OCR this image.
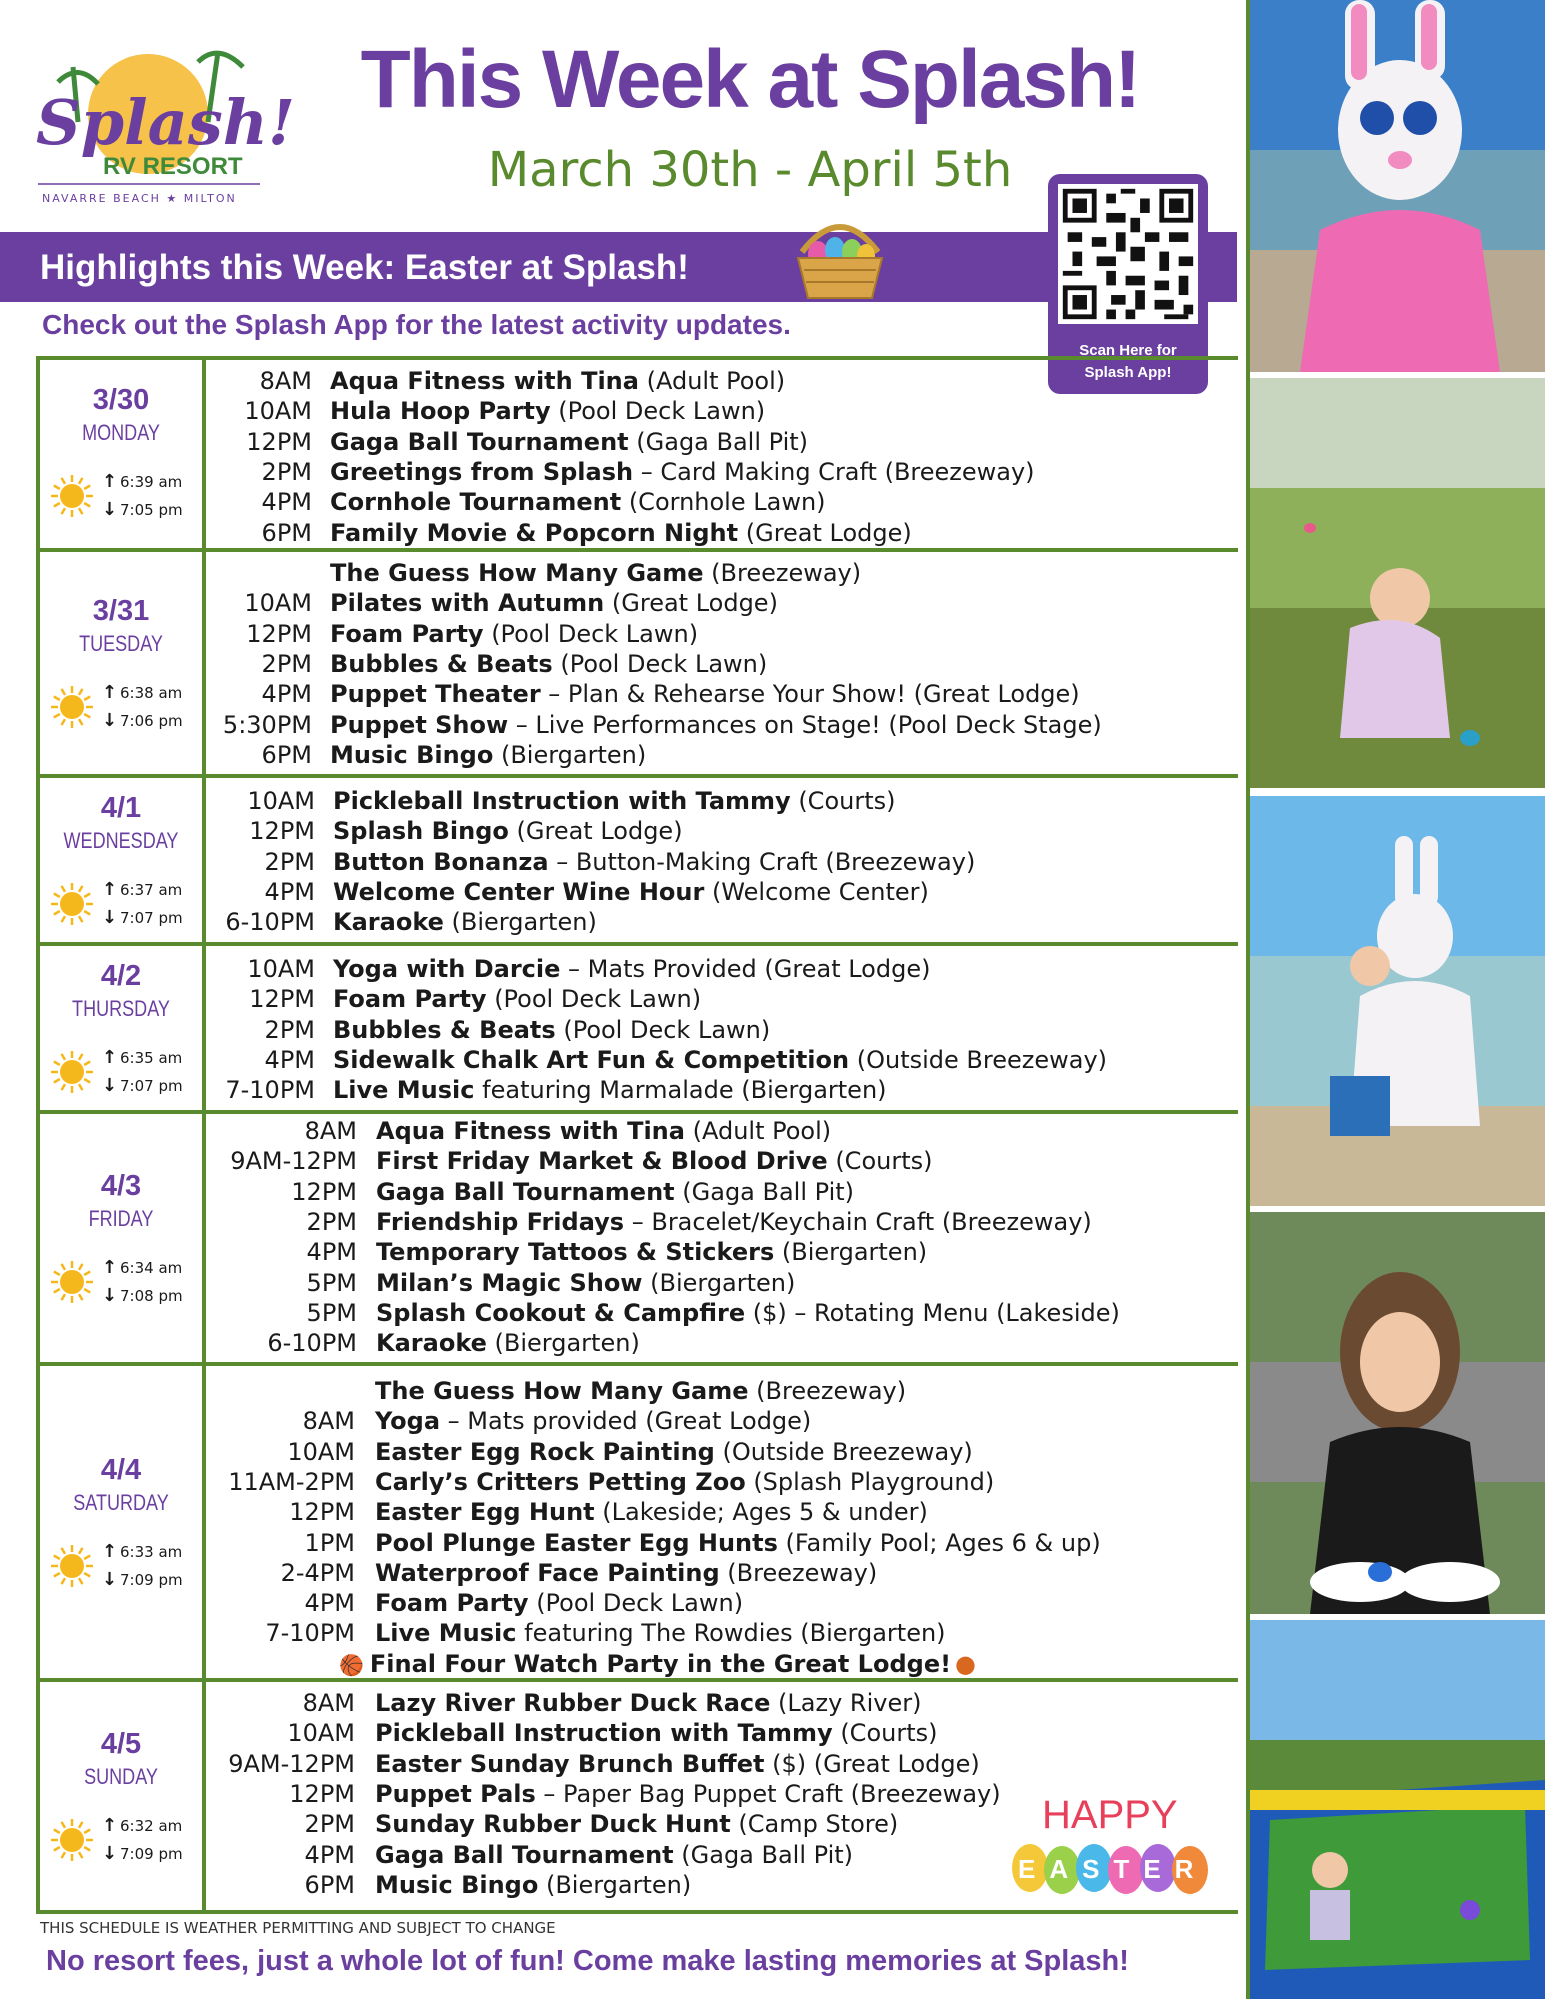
Splash!
RV RESORT
NAVARRE BEACH ★ MILTON
This Week at Splash!
March 30th - April 5th
Highlights this Week: Easter at Splash!
Check out the Splash App for the latest activity updates.
Scan Here for
Splash App!
3/30
MONDAY
↑ 6:39 am
↓ 7:05 pm
8AM Aqua Fitness with Tina (Adult Pool)
10AM Hula Hoop Party (Pool Deck Lawn)
12PM Gaga Ball Tournament (Gaga Ball Pit)
2PM Greetings from Splash – Card Making Craft (Breezeway)
4PM Cornhole Tournament (Cornhole Lawn)
6PM Family Movie & Popcorn Night (Great Lodge)
3/31
TUESDAY
↑ 6:38 am
↓ 7:06 pm
The Guess How Many Game (Breezeway)
10AM Pilates with Autumn (Great Lodge)
12PM Foam Party (Pool Deck Lawn)
2PM Bubbles & Beats (Pool Deck Lawn)
4PM Puppet Theater – Plan & Rehearse Your Show! (Great Lodge)
5:30PM Puppet Show – Live Performances on Stage! (Pool Deck Stage)
6PM Music Bingo (Biergarten)
4/1
WEDNESDAY
↑ 6:37 am
↓ 7:07 pm
10AM Pickleball Instruction with Tammy (Courts)
12PM Splash Bingo (Great Lodge)
2PM Button Bonanza – Button-Making Craft (Breezeway)
4PM Welcome Center Wine Hour (Welcome Center)
6-10PM Karaoke (Biergarten)
4/2
THURSDAY
↑ 6:35 am
↓ 7:07 pm
10AM Yoga with Darcie – Mats Provided (Great Lodge)
12PM Foam Party (Pool Deck Lawn)
2PM Bubbles & Beats (Pool Deck Lawn)
4PM Sidewalk Chalk Art Fun & Competition (Outside Breezeway)
7-10PM Live Music featuring Marmalade (Biergarten)
4/3
FRIDAY
↑ 6:34 am
↓ 7:08 pm
8AM Aqua Fitness with Tina (Adult Pool)
9AM-12PM First Friday Market & Blood Drive (Courts)
12PM Gaga Ball Tournament (Gaga Ball Pit)
2PM Friendship Fridays – Bracelet/Keychain Craft (Breezeway)
4PM Temporary Tattoos & Stickers (Biergarten)
5PM Milan’s Magic Show (Biergarten)
5PM Splash Cookout & Campfire ($) – Rotating Menu (Lakeside)
6-10PM Karaoke (Biergarten)
4/4
SATURDAY
↑ 6:33 am
↓ 7:09 pm
The Guess How Many Game (Breezeway)
8AM Yoga – Mats provided (Great Lodge)
10AM Easter Egg Rock Painting (Outside Breezeway)
11AM-2PM Carly’s Critters Petting Zoo (Splash Playground)
12PM Easter Egg Hunt (Lakeside; Ages 5 & under)
1PM Pool Plunge Easter Egg Hunts (Family Pool; Ages 6 & up)
2-4PM Waterproof Face Painting (Breezeway)
4PM Foam Party (Pool Deck Lawn)
7-10PM Live Music featuring The Rowdies (Biergarten)
🏀 Final Four Watch Party in the Great Lodge! ●
4/5
SUNDAY
↑ 6:32 am
↓ 7:09 pm
8AM Lazy River Rubber Duck Race (Lazy River)
10AM Pickleball Instruction with Tammy (Courts)
9AM-12PM Easter Sunday Brunch Buffet ($) (Great Lodge)
12PM Puppet Pals – Paper Bag Puppet Craft (Breezeway)
2PM Sunday Rubber Duck Hunt (Camp Store)
4PM Gaga Ball Tournament (Gaga Ball Pit)
6PM Music Bingo (Biergarten)
HAPPY
EASTER
THIS SCHEDULE IS WEATHER PERMITTING AND SUBJECT TO CHANGE
No resort fees, just a whole lot of fun! Come make lasting memories at Splash!
